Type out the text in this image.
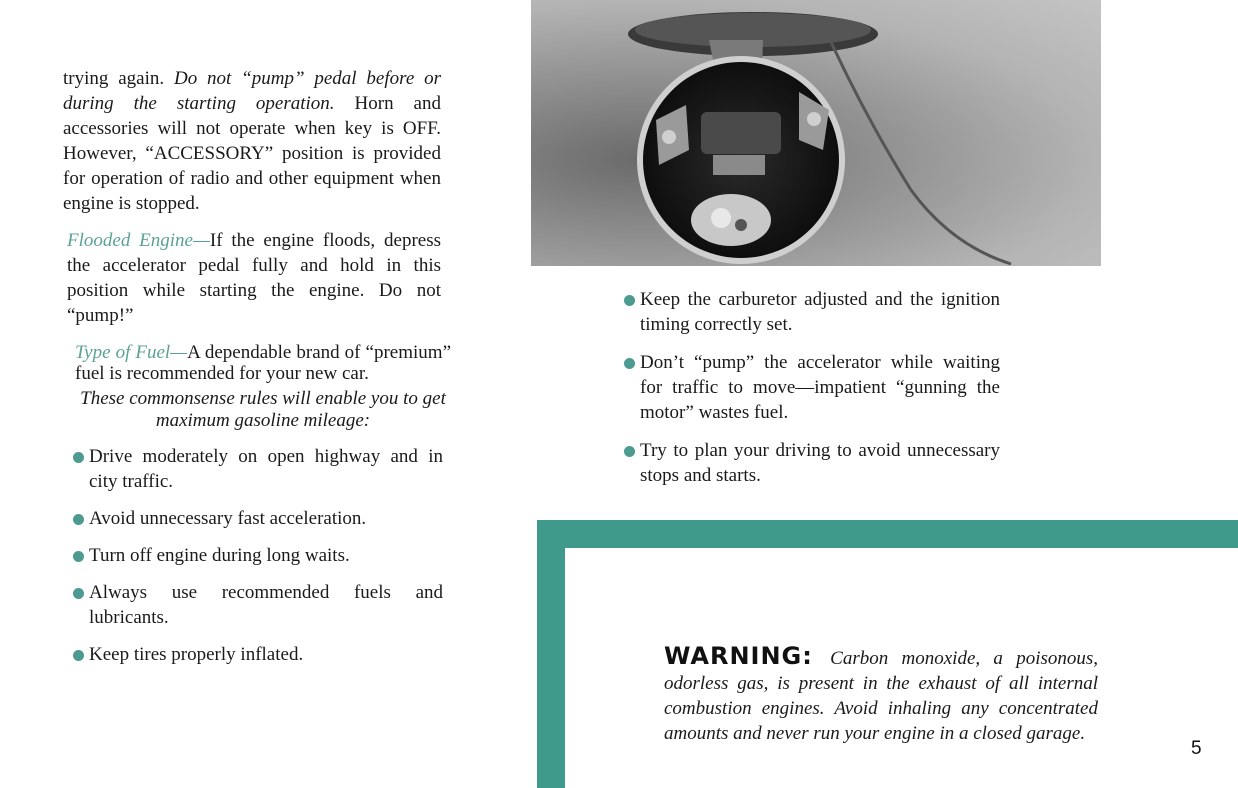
trying again. Do not “pump” pedal before or during the starting operation. Horn and accessories will not operate when key is OFF. However, “ACCESSORY” position is provided for operation of radio and other equipment when engine is stopped.

Flooded Engine—If the engine floods, depress the accelerator pedal fully and hold in this position while starting the engine. Do not “pump!”

Type of Fuel—A dependable brand of “premium” fuel is recommended for your new car.

These commonsense rules will enable you to get maximum gasoline mileage:

Drive moderately on open highway and in city traffic.
Avoid unnecessary fast acceleration.
Turn off engine during long waits.
Always use recommended fuels and lubricants.
Keep tires properly inflated.
Keep the carburetor adjusted and the ignition timing correctly set.
Don’t “pump” the accelerator while waiting for traffic to move—impatient “gunning the motor” wastes fuel.
Try to plan your driving to avoid unnecessary stops and starts.

WARNING: Carbon monoxide, a poisonous, odorless gas, is present in the exhaust of all internal combustion engines. Avoid inhaling any concentrated amounts and never run your engine in a closed garage.

5
